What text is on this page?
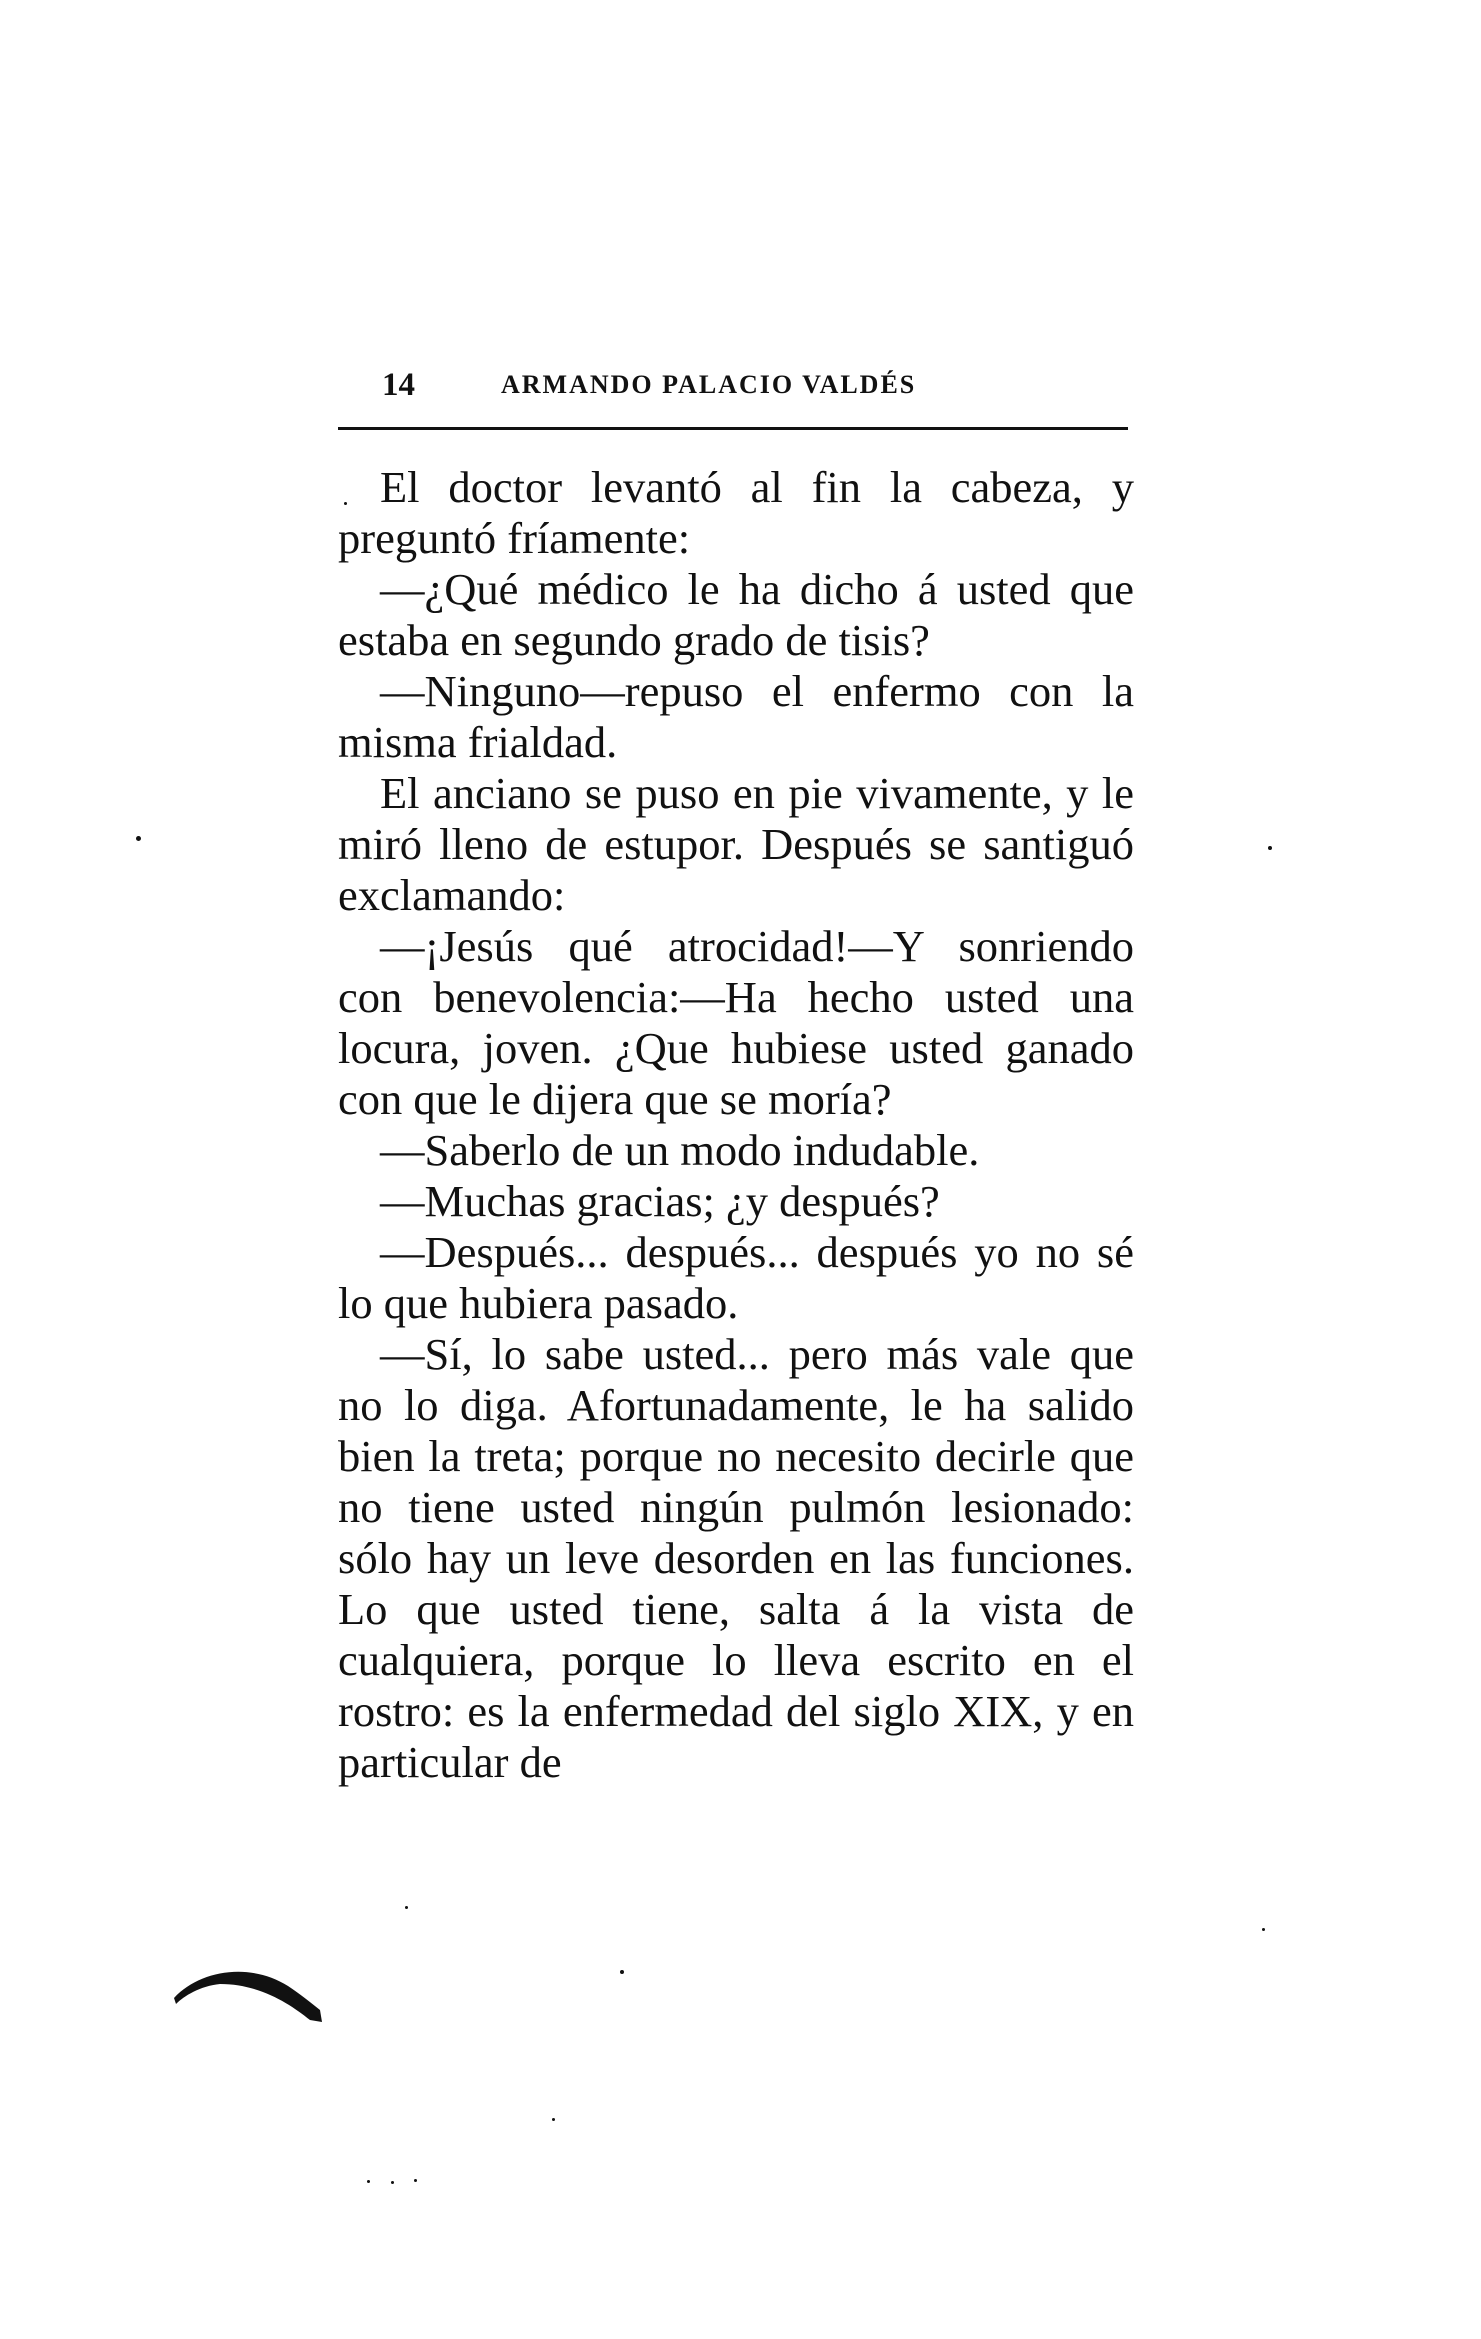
14	ARMANDO PALACIO VALDÉS

El doctor levantó al fin la cabeza, y preguntó fríamente:

—¿Qué médico le ha dicho á usted que estaba en segundo grado de tisis?

—Ninguno—repuso el enfermo con la misma frialdad.

El anciano se puso en pie vivamente, y le miró lleno de estupor. Después se santiguó exclamando:

—¡Jesús qué atrocidad!—Y sonriendo con benevolencia:—Ha hecho usted una locura, joven. ¿Que hubiese usted ganado con que le dijera que se moría?

—Saberlo de un modo indudable.

—Muchas gracias; ¿y después?

—Después... después... después yo no sé lo que hubiera pasado.

—Sí, lo sabe usted... pero más vale que no lo diga. Afortunadamente, le ha salido bien la treta; porque no necesito decirle que no tiene usted ningún pulmón lesionado: sólo hay un leve desorden en las funciones. Lo que usted tiene, salta á la vista de cualquiera, porque lo lleva escrito en el rostro: es la enfermedad del siglo XIX, y en particular de
